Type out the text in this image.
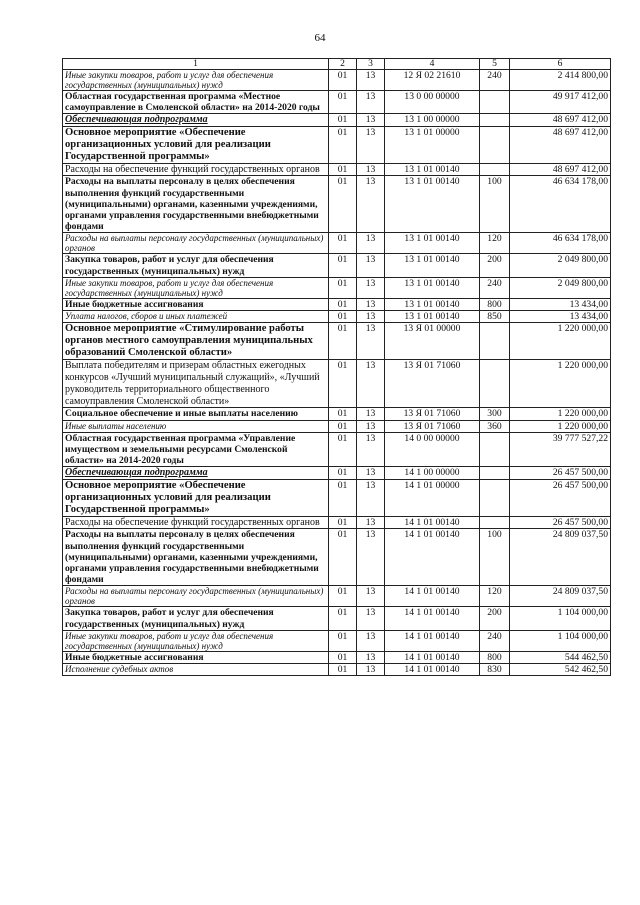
64
1	2	3	4	5	6
Иные закупки товаров, работ и услуг для обеспечения государственных (муниципальных) нужд	01	13	12 Я 02 21610	240	2 414 800,00
Областная государственная программа «Местное самоуправление в Смоленской области» на 2014-2020 годы	01	13	13 0 00 00000		49 917 412,00
Обеспечивающая подпрограмма	01	13	13 1 00 00000		48 697 412,00
Основное мероприятие «Обеспечение организационных условий для реализации Государственной программы»	01	13	13 1 01 00000		48 697 412,00
Расходы на обеспечение функций государственных органов	01	13	13 1 01 00140		48 697 412,00
Расходы на выплаты персоналу в целях обеспечения выполнения функций государственными (муниципальными) органами, казенными учреждениями, органами управления государственными внебюджетными фондами	01	13	13 1 01 00140	100	46 634 178,00
Расходы на выплаты персоналу государственных (муниципальных) органов	01	13	13 1 01 00140	120	46 634 178,00
Закупка товаров, работ и услуг для обеспечения государственных (муниципальных) нужд	01	13	13 1 01 00140	200	2 049 800,00
Иные закупки товаров, работ и услуг для обеспечения государственных (муниципальных) нужд	01	13	13 1 01 00140	240	2 049 800,00
Иные бюджетные ассигнования	01	13	13 1 01 00140	800	13 434,00
Уплата налогов, сборов и иных платежей	01	13	13 1 01 00140	850	13 434,00
Основное мероприятие «Стимулирование работы органов местного самоуправления муниципальных образований Смоленской области»	01	13	13 Я 01 00000		1 220 000,00
Выплата победителям и призерам областных ежегодных конкурсов «Лучший муниципальный служащий», «Лучший руководитель территориального общественного самоуправления Смоленской области»	01	13	13 Я 01 71060		1 220 000,00
Социальное обеспечение и иные выплаты населению	01	13	13 Я 01 71060	300	1 220 000,00
Иные выплаты населению	01	13	13 Я 01 71060	360	1 220 000,00
Областная государственная программа «Управление имуществом и земельными ресурсами Смоленской области» на 2014-2020 годы	01	13	14 0 00 00000		39 777 527,22
Обеспечивающая подпрограмма	01	13	14 1 00 00000		26 457 500,00
Основное мероприятие «Обеспечение организационных условий для реализации Государственной программы»	01	13	14 1 01 00000		26 457 500,00
Расходы на обеспечение функций государственных органов	01	13	14 1 01 00140		26 457 500,00
Расходы на выплаты персоналу в целях обеспечения выполнения функций государственными (муниципальными) органами, казенными учреждениями, органами управления государственными внебюджетными фондами	01	13	14 1 01 00140	100	24 809 037,50
Расходы на выплаты персоналу государственных (муниципальных) органов	01	13	14 1 01 00140	120	24 809 037,50
Закупка товаров, работ и услуг для обеспечения государственных (муниципальных) нужд	01	13	14 1 01 00140	200	1 104 000,00
Иные закупки товаров, работ и услуг для обеспечения государственных (муниципальных) нужд	01	13	14 1 01 00140	240	1 104 000,00
Иные бюджетные ассигнования	01	13	14 1 01 00140	800	544 462,50
Исполнение судебных актов	01	13	14 1 01 00140	830	542 462,50
